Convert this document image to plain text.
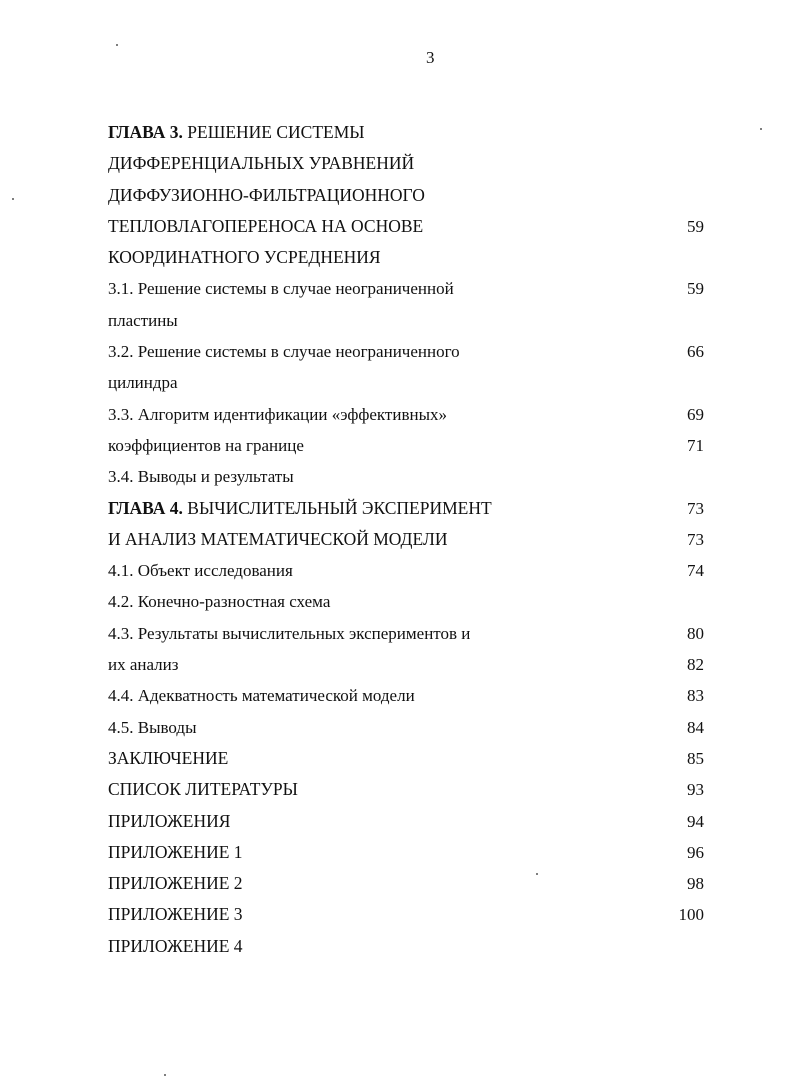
3
ГЛАВА 3. РЕШЕНИЕ СИСТЕМЫ
ДИФФЕРЕНЦИАЛЬНЫХ УРАВНЕНИЙ
ДИФФУЗИОННО-ФИЛЬТРАЦИОННОГО
ТЕПЛОВЛАГОПЕРЕНОСА НА ОСНОВЕ	59
КООРДИНАТНОГО УСРЕДНЕНИЯ
3.1. Решение системы в случае неограниченной	59
пластины
3.2. Решение системы в случае неограниченного	66
цилиндра
3.3. Алгоритм идентификации «эффективных»	69
коэффициентов на границе	71
3.4. Выводы и результаты
ГЛАВА 4. ВЫЧИСЛИТЕЛЬНЫЙ ЭКСПЕРИМЕНТ	73
И АНАЛИЗ МАТЕМАТИЧЕСКОЙ МОДЕЛИ	73
4.1. Объект исследования	74
4.2. Конечно-разностная схема
4.3. Результаты вычислительных экспериментов и	80
их анализ	82
4.4. Адекватность математической модели	83
4.5. Выводы	84
ЗАКЛЮЧЕНИЕ	85
СПИСОК ЛИТЕРАТУРЫ	93
ПРИЛОЖЕНИЯ	94
ПРИЛОЖЕНИЕ 1	96
ПРИЛОЖЕНИЕ 2	98
ПРИЛОЖЕНИЕ 3	100
ПРИЛОЖЕНИЕ 4
